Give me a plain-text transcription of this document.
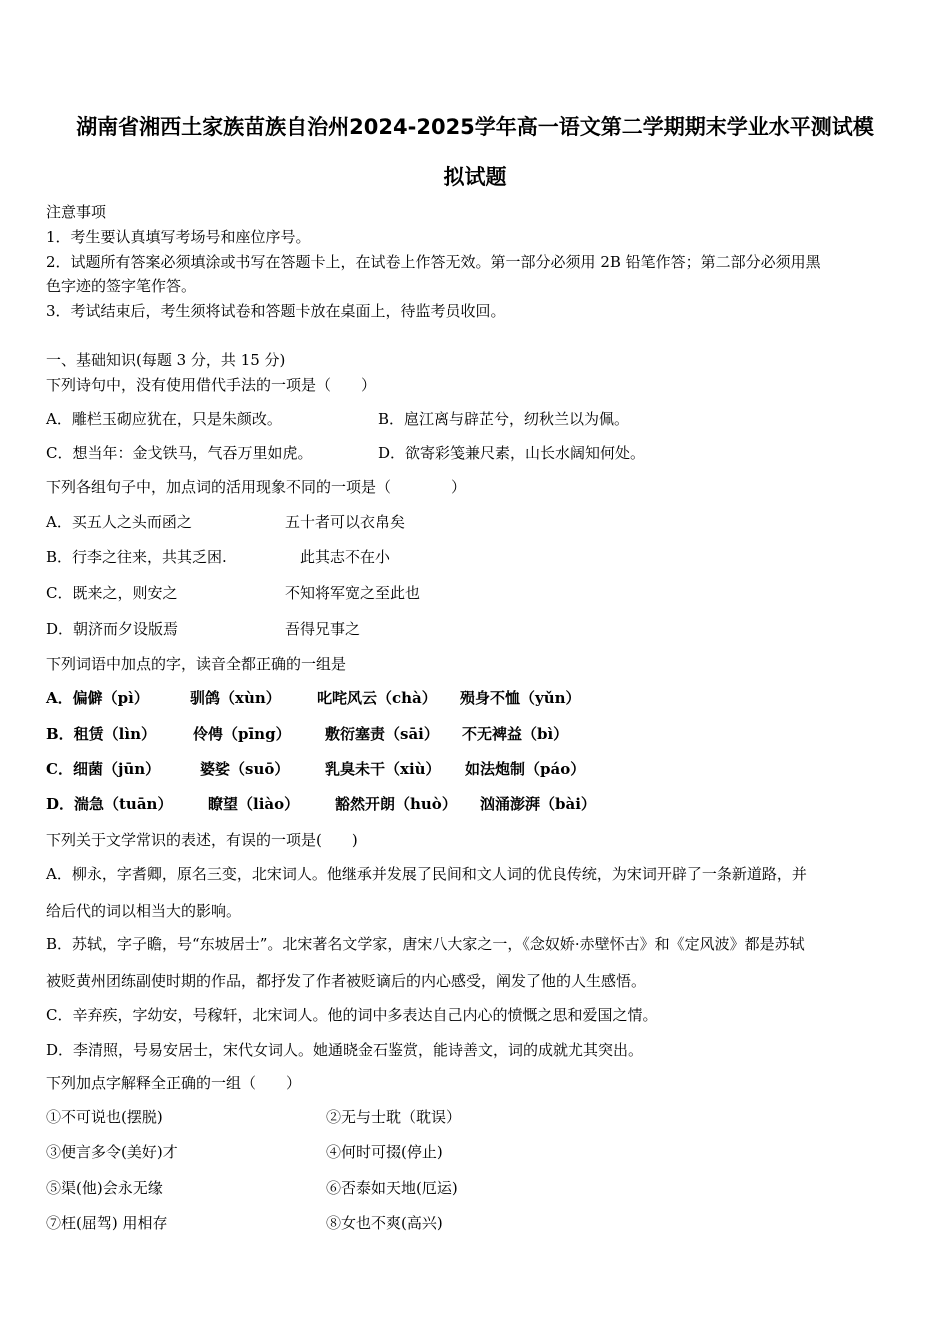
湖南省湘西土家族苗族自治州2024-2025学年高一语文第二学期期末学业水平测试模
拟试题
注意事项
1．考生要认真填写考场号和座位序号。
2．试题所有答案必须填涂或书写在答题卡上，在试卷上作答无效。第一部分必须用 2B 铅笔作答；第二部分必须用黑
色字迹的签字笔作答。
3．考试结束后，考生须将试卷和答题卡放在桌面上，待监考员收回。
一、基础知识(每题 3 分，共 15 分)
下列诗句中，没有使用借代手法的一项是（　　）
A．雕栏玉砌应犹在，只是朱颜改。	B．扈江离与辟芷兮，纫秋兰以为佩。
C．想当年：金戈铁马，气吞万里如虎。	D．欲寄彩笺兼尺素，山长水阔知何处。
下列各组句子中，加点词的活用现象不同的一项是（　　　　）
A．买五人之头而函之	五十者可以衣帛矣
B．行李之往来，共其乏困.	此其志不在小
C．既来之，则安之	不知将军宽之至此也
D．朝济而夕设版焉	吾得兄事之
下列词语中加点的字，读音全都正确的一组是
A．偏僻（pì）	驯鸽（xùn） 叱咤风云（chà） 殒身不恤（yǔn）
B．租赁（lìn） 伶俜（pīng） 敷衍塞责（sāi） 不无裨益（bì）
C．细菌（jūn）	婆娑（suō） 乳臭未干（xiù） 如法炮制（páo）
D．湍急（tuān） 瞭望（liào） 豁然开朗（huò） 汹涌澎湃（bài）
下列关于文学常识的表述，有误的一项是(　　)
A．柳永，字耆卿，原名三变，北宋词人。他继承并发展了民间和文人词的优良传统，为宋词开辟了一条新道路，并
给后代的词以相当大的影响。
B．苏轼，字子瞻，号“东坡居士”。北宋著名文学家，唐宋八大家之一，《念奴娇·赤壁怀古》和《定风波》都是苏轼
被贬黄州团练副使时期的作品，都抒发了作者被贬谪后的内心感受，阐发了他的人生感悟。
C．辛弃疾，字幼安，号稼轩，北宋词人。他的词中多表达自己内心的愤慨之思和爱国之情。
D．李清照，号易安居士，宋代女词人。她通晓金石鉴赏，能诗善文，词的成就尤其突出。
下列加点字解释全正确的一组（　　）
①不可说也(摆脱)	②无与士耽（耽误）
③便言多令(美好)才	④何时可掇(停止)
⑤渠(他)会永无缘	⑥否泰如天地(厄运)
⑦枉(屈驾) 用相存	⑧女也不爽(高兴)
